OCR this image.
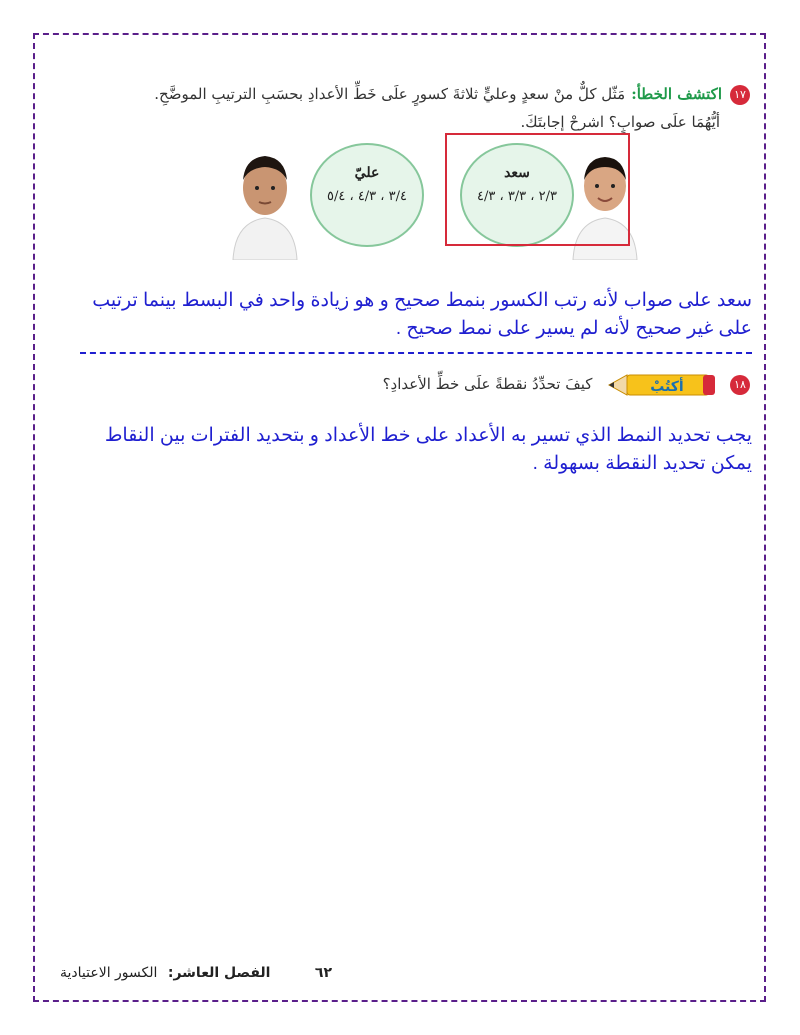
١٧اكتشف الخطأ:مَثّل كلٌّ منْ سعدٍ وعليٍّ ثلاثةَ كسورٍ علَى خَطِّ الأعدادِ بحسَبِ الترتيبِ الموضَّحِ.
أيُّهُمَا علَى صوابٍ؟ اشرحْ إجابتَكَ.
عليّ
٣/٤ ، ٤/٣ ، ٥/٤
سعد
٢/٣ ، ٣/٣ ، ٤/٣
سعد على صواب لأنه رتب الكسور بنمط صحيح و هو زيادة واحد في البسط بينما ترتيب على غير صحيح لأنه لم يسير على نمط صحيح .
١٨
أكتُبْ
كيفَ تحدِّدُ نقطةً علَى خطِّ الأعدادِ؟
يجب تحديد النمط الذي تسير به الأعداد على خط الأعداد و بتحديد الفترات بين النقاط يمكن تحديد النقطة بسهولة .
٦٢ الفصل العاشر: الكسور الاعتيادية
